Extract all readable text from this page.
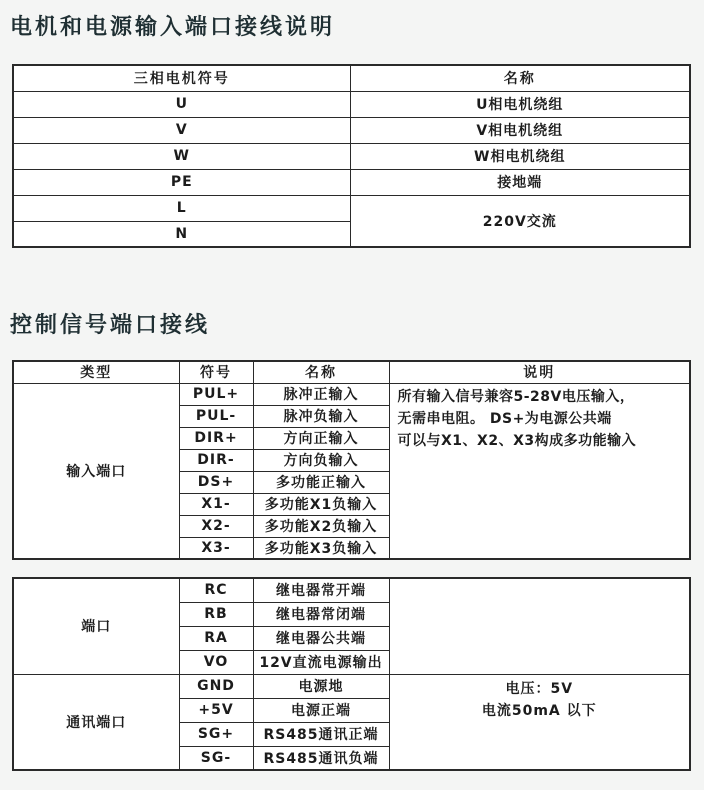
电机和电源输入端口接线说明
三相电机符号	名称
U	U相电机绕组
V	V相电机绕组
W	W相电机绕组
PE	接地端
L	220V交流
N	
控制信号端口接线
类型	符号	名称	说明
输入端口	PUL+	脉冲正输入	所有输入信号兼容5-28V电压输入，
无需串电阻。 DS+为电源公共端
可以与X1、X2、X3构成多功能输入

	PUL-	脉冲负输入	
	DIR+	方向正输入	
	DIR-	方向负输入	
	DS+	多功能正输入	
	X1-	多功能X1负输入	
	X2-	多功能X2负输入	
	X3-	多功能X3负输入	
端口	RC	继电器常开端	
	RB	继电器常闭端	
	RA	继电器公共端	
	VO	12V直流电源输出	
通讯端口	GND	电源地	电压：5V
电流50mA 以下

	+5V	电源正端	
	SG+	RS485通讯正端	
	SG-	RS485通讯负端	
